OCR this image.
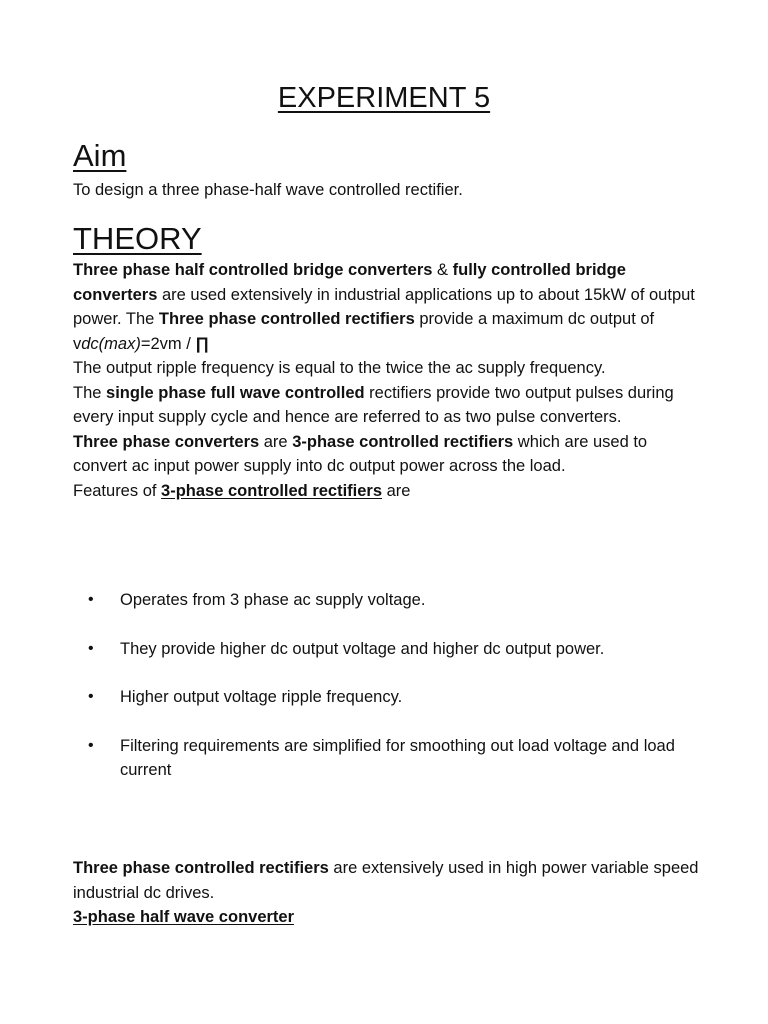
EXPERIMENT 5
Aim

To design a three phase-half wave controlled rectifier.

THEORY

Three phase half controlled bridge converters & fully controlled bridge converters are used extensively in industrial applications up to about 15kW of output power. The Three phase controlled rectifiers provide a maximum dc output of

vdc(max)=2vm / ∏

The output ripple frequency is equal to the twice the ac supply frequency.

The single phase full wave controlled rectifiers provide two output pulses during every input supply cycle and hence are referred to as two pulse converters.

Three phase converters are 3-phase controlled rectifiers which are used to convert ac input power supply into dc output power across the load.

Features of 3-phase controlled rectifiers are

• Operates from 3 phase ac supply voltage.
• They provide higher dc output voltage and higher dc output power.
• Higher output voltage ripple frequency.
• Filtering requirements are simplified for smoothing out load voltage and load current

Three phase controlled rectifiers are extensively used in high power variable speed industrial dc drives.

3-phase half wave converter
